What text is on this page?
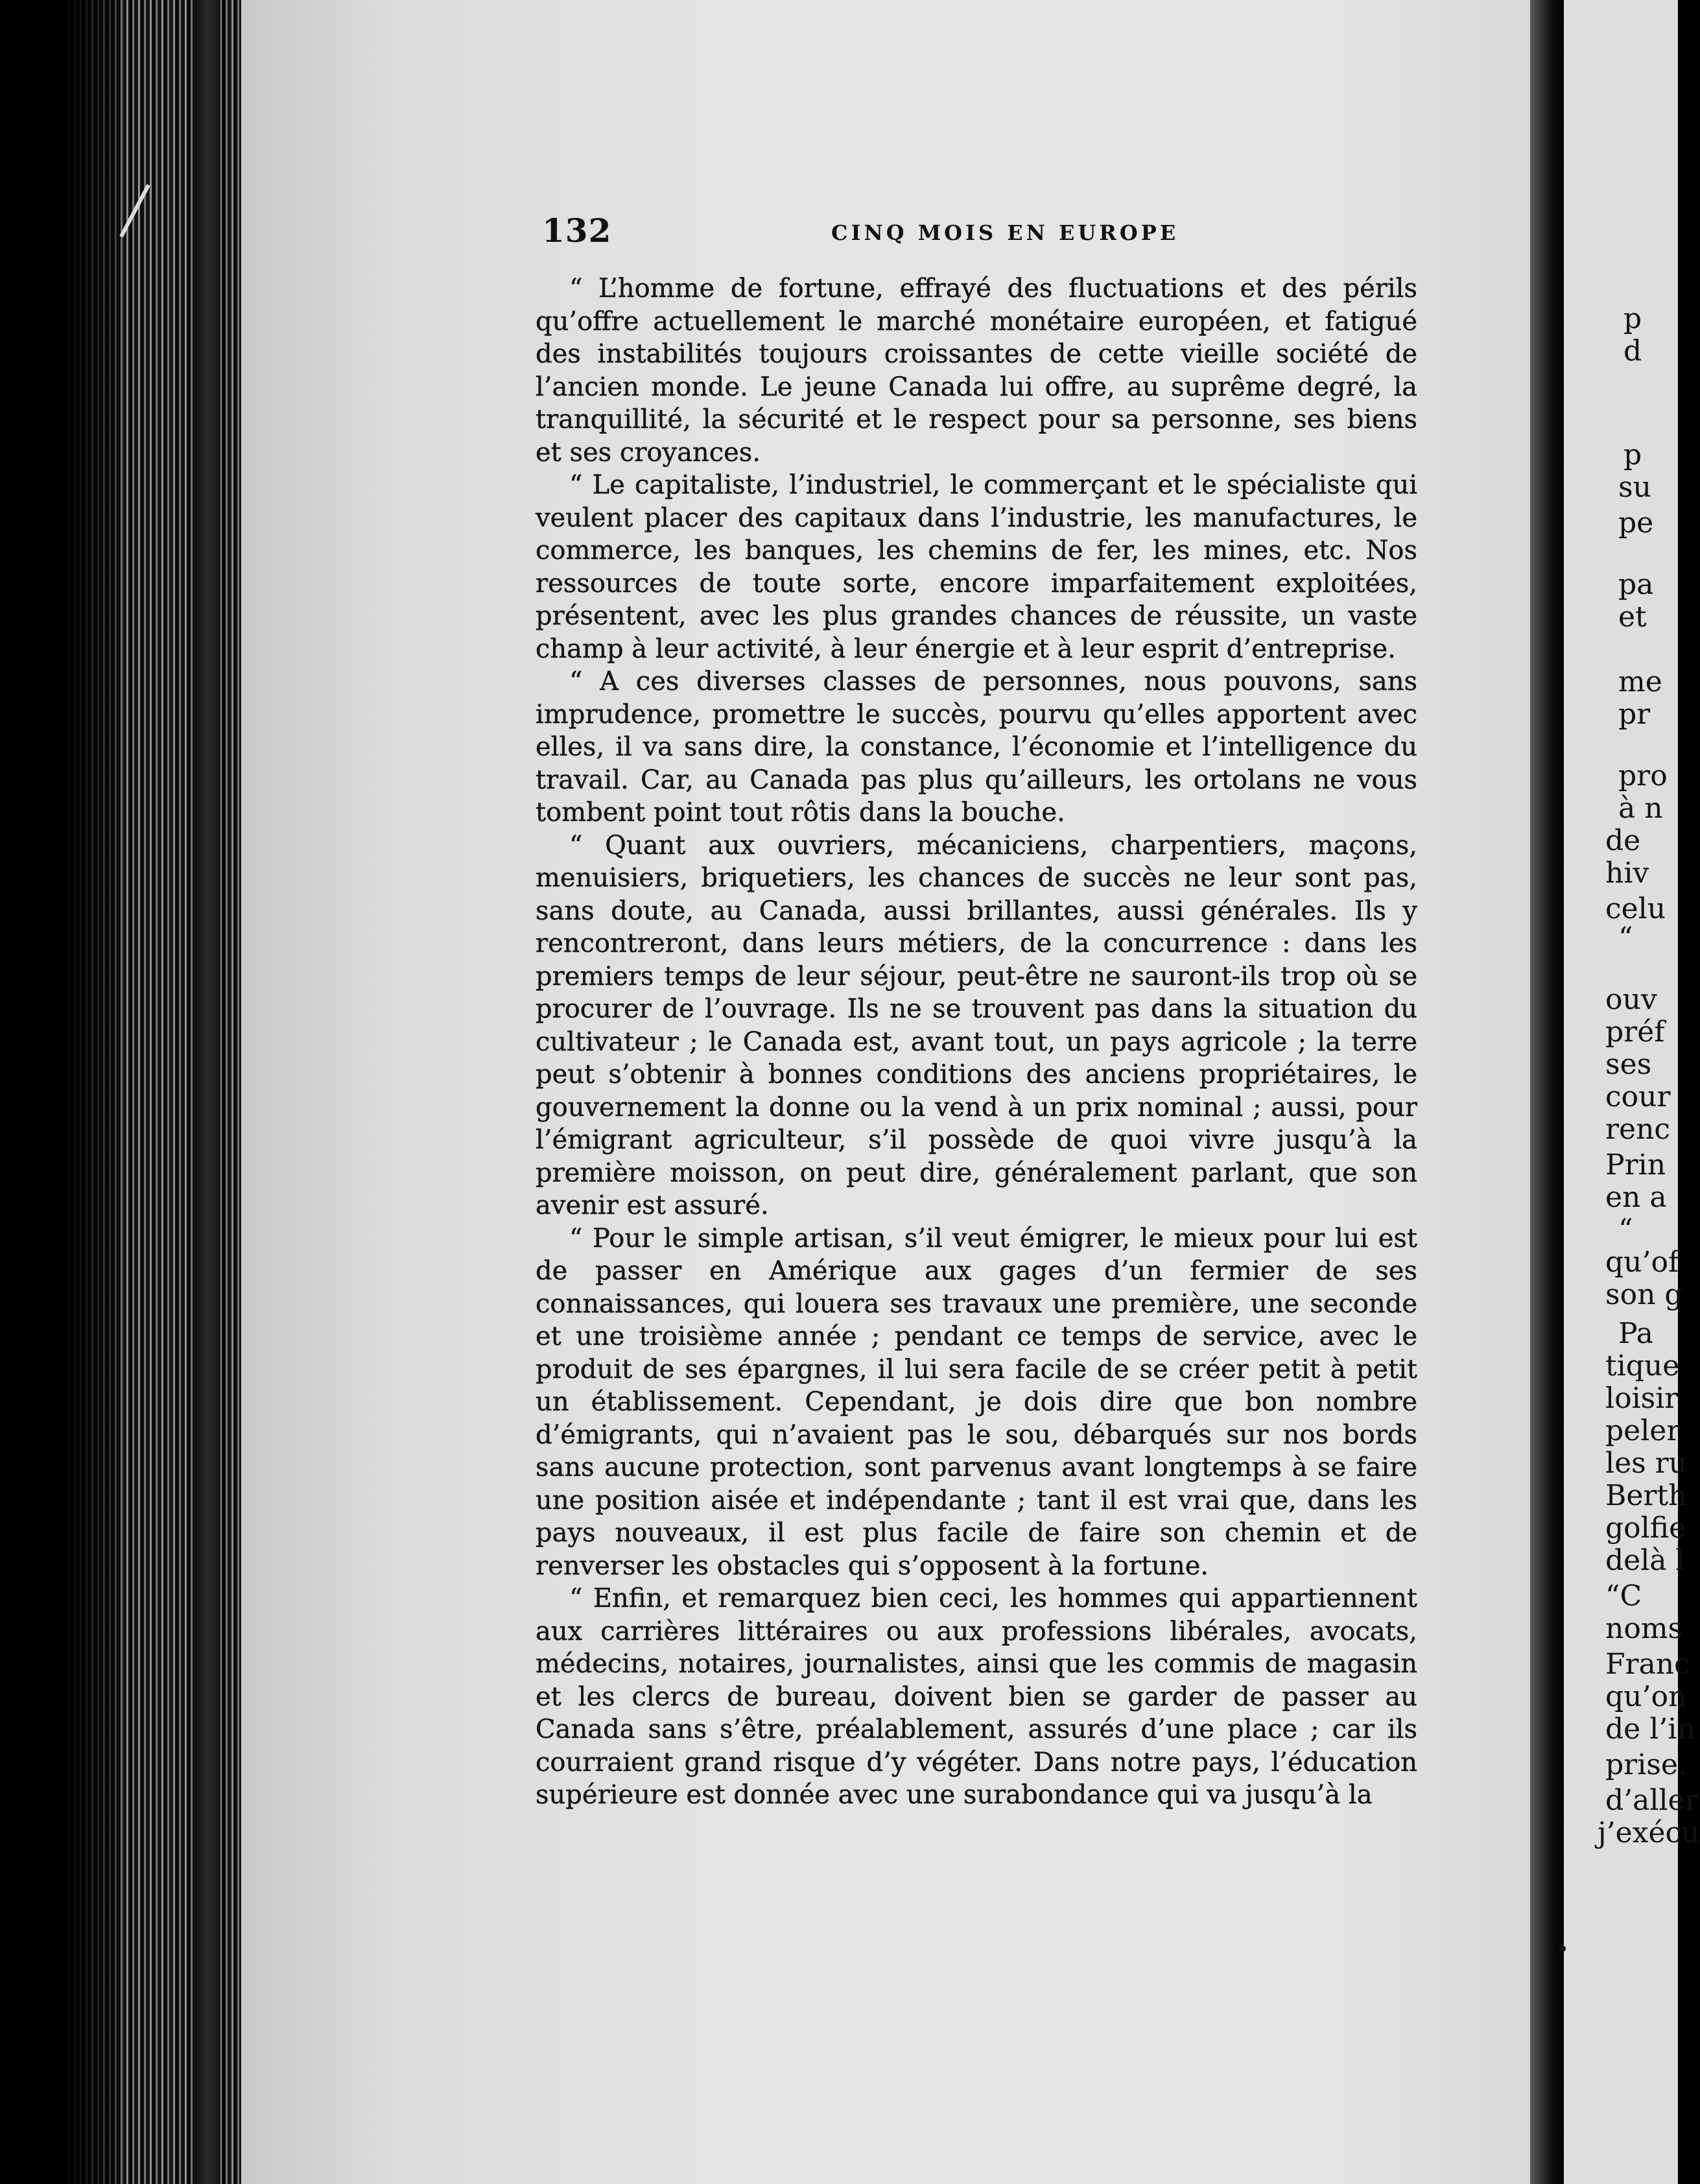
132	CINQ MOIS EN EUROPE

“ L’homme de fortune, effrayé des fluctuations et des périls qu’offre actuellement le marché monétaire européen, et fatigué des instabilités toujours croissantes de cette vieille société de l’ancien monde. Le jeune Canada lui offre, au suprême degré, la tranquillité, la sécurité et le respect pour sa personne, ses biens et ses croyances.

“ Le capitaliste, l’industriel, le commerçant et le spécialiste qui veulent placer des capitaux dans l’industrie, les manufactures, le commerce, les banques, les chemins de fer, les mines, etc. Nos ressources de toute sorte, encore imparfaitement exploitées, présentent, avec les plus grandes chances de réussite, un vaste champ à leur activité, à leur énergie et à leur esprit d’entreprise.

“ A ces diverses classes de personnes, nous pouvons, sans imprudence, promettre le succès, pourvu qu’elles apportent avec elles, il va sans dire, la constance, l’économie et l’intelligence du travail. Car, au Canada pas plus qu’ailleurs, les ortolans ne vous tombent point tout rôtis dans la bouche.

“ Quant aux ouvriers, mécaniciens, charpentiers, maçons, menuisiers, briquetiers, les chances de succès ne leur sont pas, sans doute, au Canada, aussi brillantes, aussi générales. Ils y rencontreront, dans leurs métiers, de la concurrence : dans les premiers temps de leur séjour, peut-être ne sauront-ils trop où se procurer de l’ouvrage. Ils ne se trouvent pas dans la situation du cultivateur ; le Canada est, avant tout, un pays agricole ; la terre peut s’obtenir à bonnes conditions des anciens propriétaires, le gouvernement la donne ou la vend à un prix nominal ; aussi, pour l’émigrant agriculteur, s’il possède de quoi vivre jusqu’à la première moisson, on peut dire, généralement parlant, que son avenir est assuré.

“ Pour le simple artisan, s’il veut émigrer, le mieux pour lui est de passer en Amérique aux gages d’un fermier de ses connaissances, qui louera ses travaux une première, une seconde et une troisième année ; pendant ce temps de service, avec le produit de ses épargnes, il lui sera facile de se créer petit à petit un établissement. Cependant, je dois dire que bon nombre d’émigrants, qui n’avaient pas le sou, débarqués sur nos bords sans aucune protection, sont parvenus avant longtemps à se faire une position aisée et indépendante ; tant il est vrai que, dans les pays nouveaux, il est plus facile de faire son chemin et de renverser les obstacles qui s’opposent à la fortune.

“ Enfin, et remarquez bien ceci, les hommes qui appartiennent aux carrières littéraires ou aux professions libérales, avocats, médecins, notaires, journalistes, ainsi que les commis de magasin et les clercs de bureau, doivent bien se garder de passer au Canada sans s’être, préalablement, assurés d’une place ; car ils courraient grand risque d’y végéter. Dans notre pays, l’éducation supérieure est donnée avec une surabondance qui va jusqu’à la

p
d
p
su
pe
pa
et
me
pr
pro
à n
de
hiv
celu
“
ouv
préf
ses
cour
renc
Prin
en a
“
qu’of
son g
Pa
tique
loisir
peler
les ru
Berth
golfie
delà l
“C
noms
Franc
qu’on
de l’in
prise.
d’aller
j’exécu
